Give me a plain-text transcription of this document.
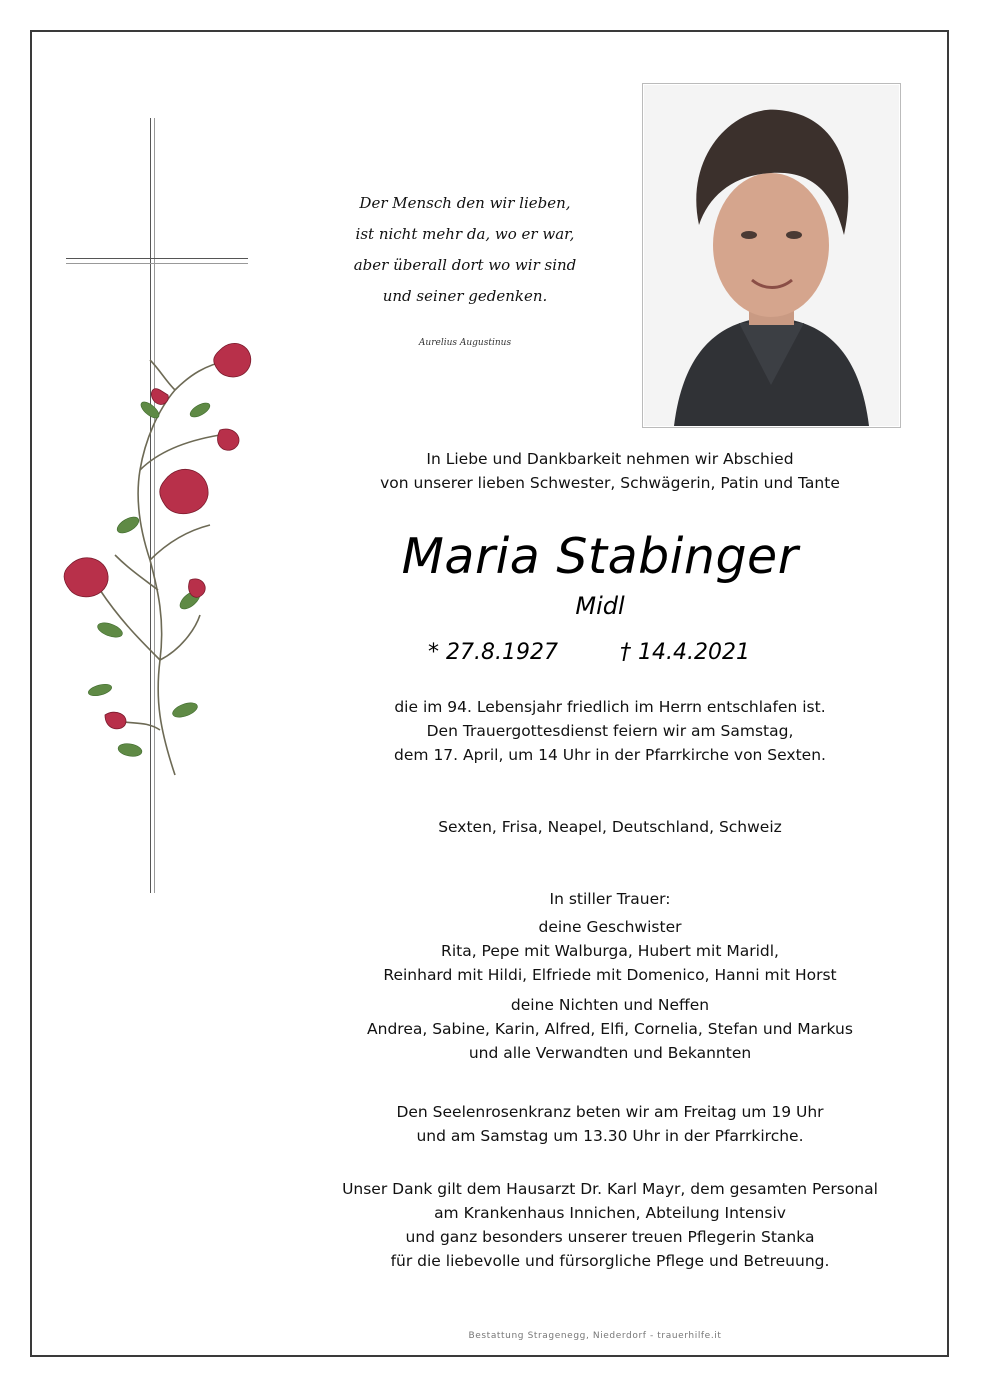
Der Mensch den wir lieben,
ist nicht mehr da, wo er war,
aber überall dort wo wir sind
und seiner gedenken.
Aurelius Augustinus
In Liebe und Dankbarkeit nehmen wir Abschied
von unserer lieben Schwester, Schwägerin, Patin und Tante
Maria Stabinger
Midl
* 27.8.1927	† 14.4.2021
die im 94. Lebensjahr friedlich im Herrn entschlafen ist.
Den Trauergottesdienst feiern wir am Samstag,
dem 17. April, um 14 Uhr in der Pfarrkirche von Sexten.
Sexten, Frisa, Neapel, Deutschland, Schweiz
In stiller Trauer:
deine Geschwister
Rita, Pepe mit Walburga, Hubert mit Maridl,
Reinhard mit Hildi, Elfriede mit Domenico, Hanni mit Horst
deine Nichten und Neffen
Andrea, Sabine, Karin, Alfred, Elfi, Cornelia, Stefan und Markus
und alle Verwandten und Bekannten
Den Seelenrosenkranz beten wir am Freitag um 19 Uhr
und am Samstag um 13.30 Uhr in der Pfarrkirche.
Unser Dank gilt dem Hausarzt Dr. Karl Mayr, dem gesamten Personal
am Krankenhaus Innichen, Abteilung Intensiv
und ganz besonders unserer treuen Pflegerin Stanka
für die liebevolle und fürsorgliche Pflege und Betreuung.
Bestattung Stragenegg, Niederdorf - trauerhilfe.it
